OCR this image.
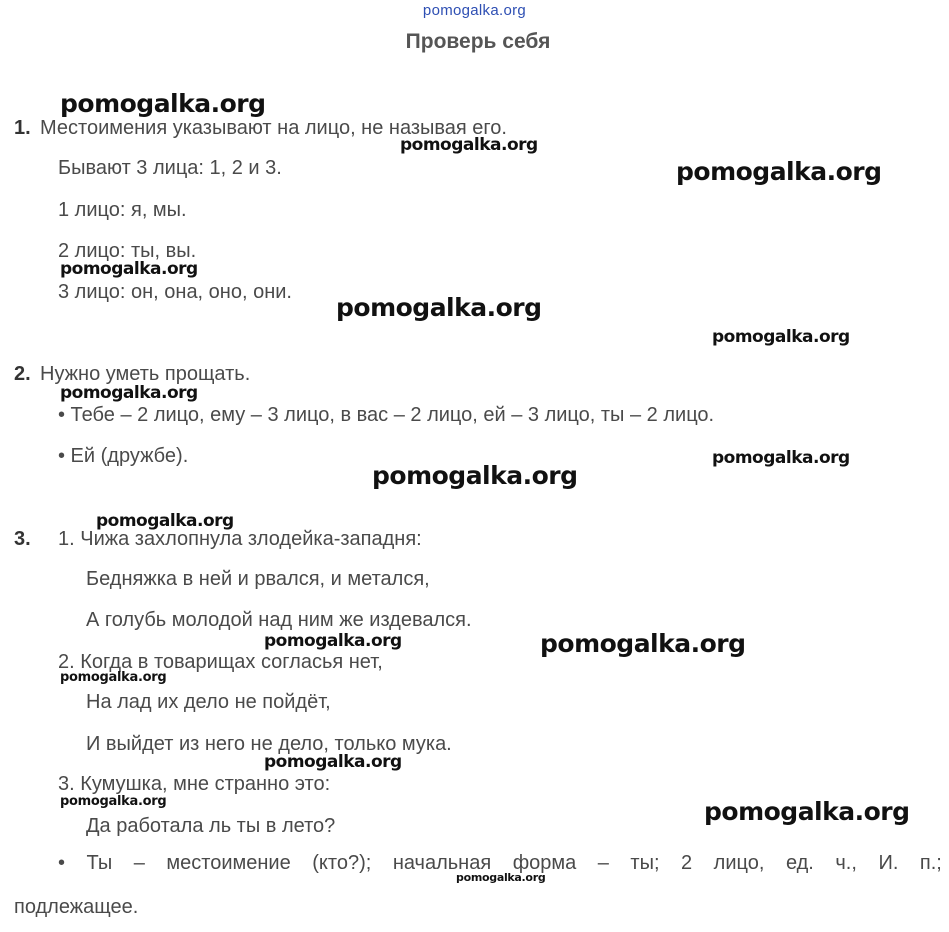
pomogalka.org
Проверь себя
1. Местоимения указывают на лицо, не называя его.
Бывают 3 лица: 1, 2 и 3.
1 лицо: я, мы.
2 лицо: ты, вы.
3 лицо: он, она, оно, они.
2. Нужно уметь прощать.
• Тебе – 2 лицо, ему – 3 лицо, в вас – 2 лицо, ей – 3 лицо, ты – 2 лицо.
• Ей (дружбе).
3. 1. Чижа захлопнула злодейка-западня:
Бедняжка в ней и рвался, и метался,
А голубь молодой над ним же издевался.
2. Когда в товарищах согласья нет,
На лад их дело не пойдёт,
И выйдет из него не дело, только мука.
3. Кумушка, мне странно это:
Да работала ль ты в лето?
• Ты – местоимение (кто?); начальная форма – ты; 2 лицо, ед. ч., И. п.;
подлежащее.
pomogalka.org
pomogalka.org
pomogalka.org
pomogalka.org
pomogalka.org
pomogalka.org
pomogalka.org
pomogalka.org
pomogalka.org
pomogalka.org
pomogalka.org	pomogalka.org
pomogalka.org
pomogalka.org
pomogalka.org	pomogalka.org
pomogalka.org
